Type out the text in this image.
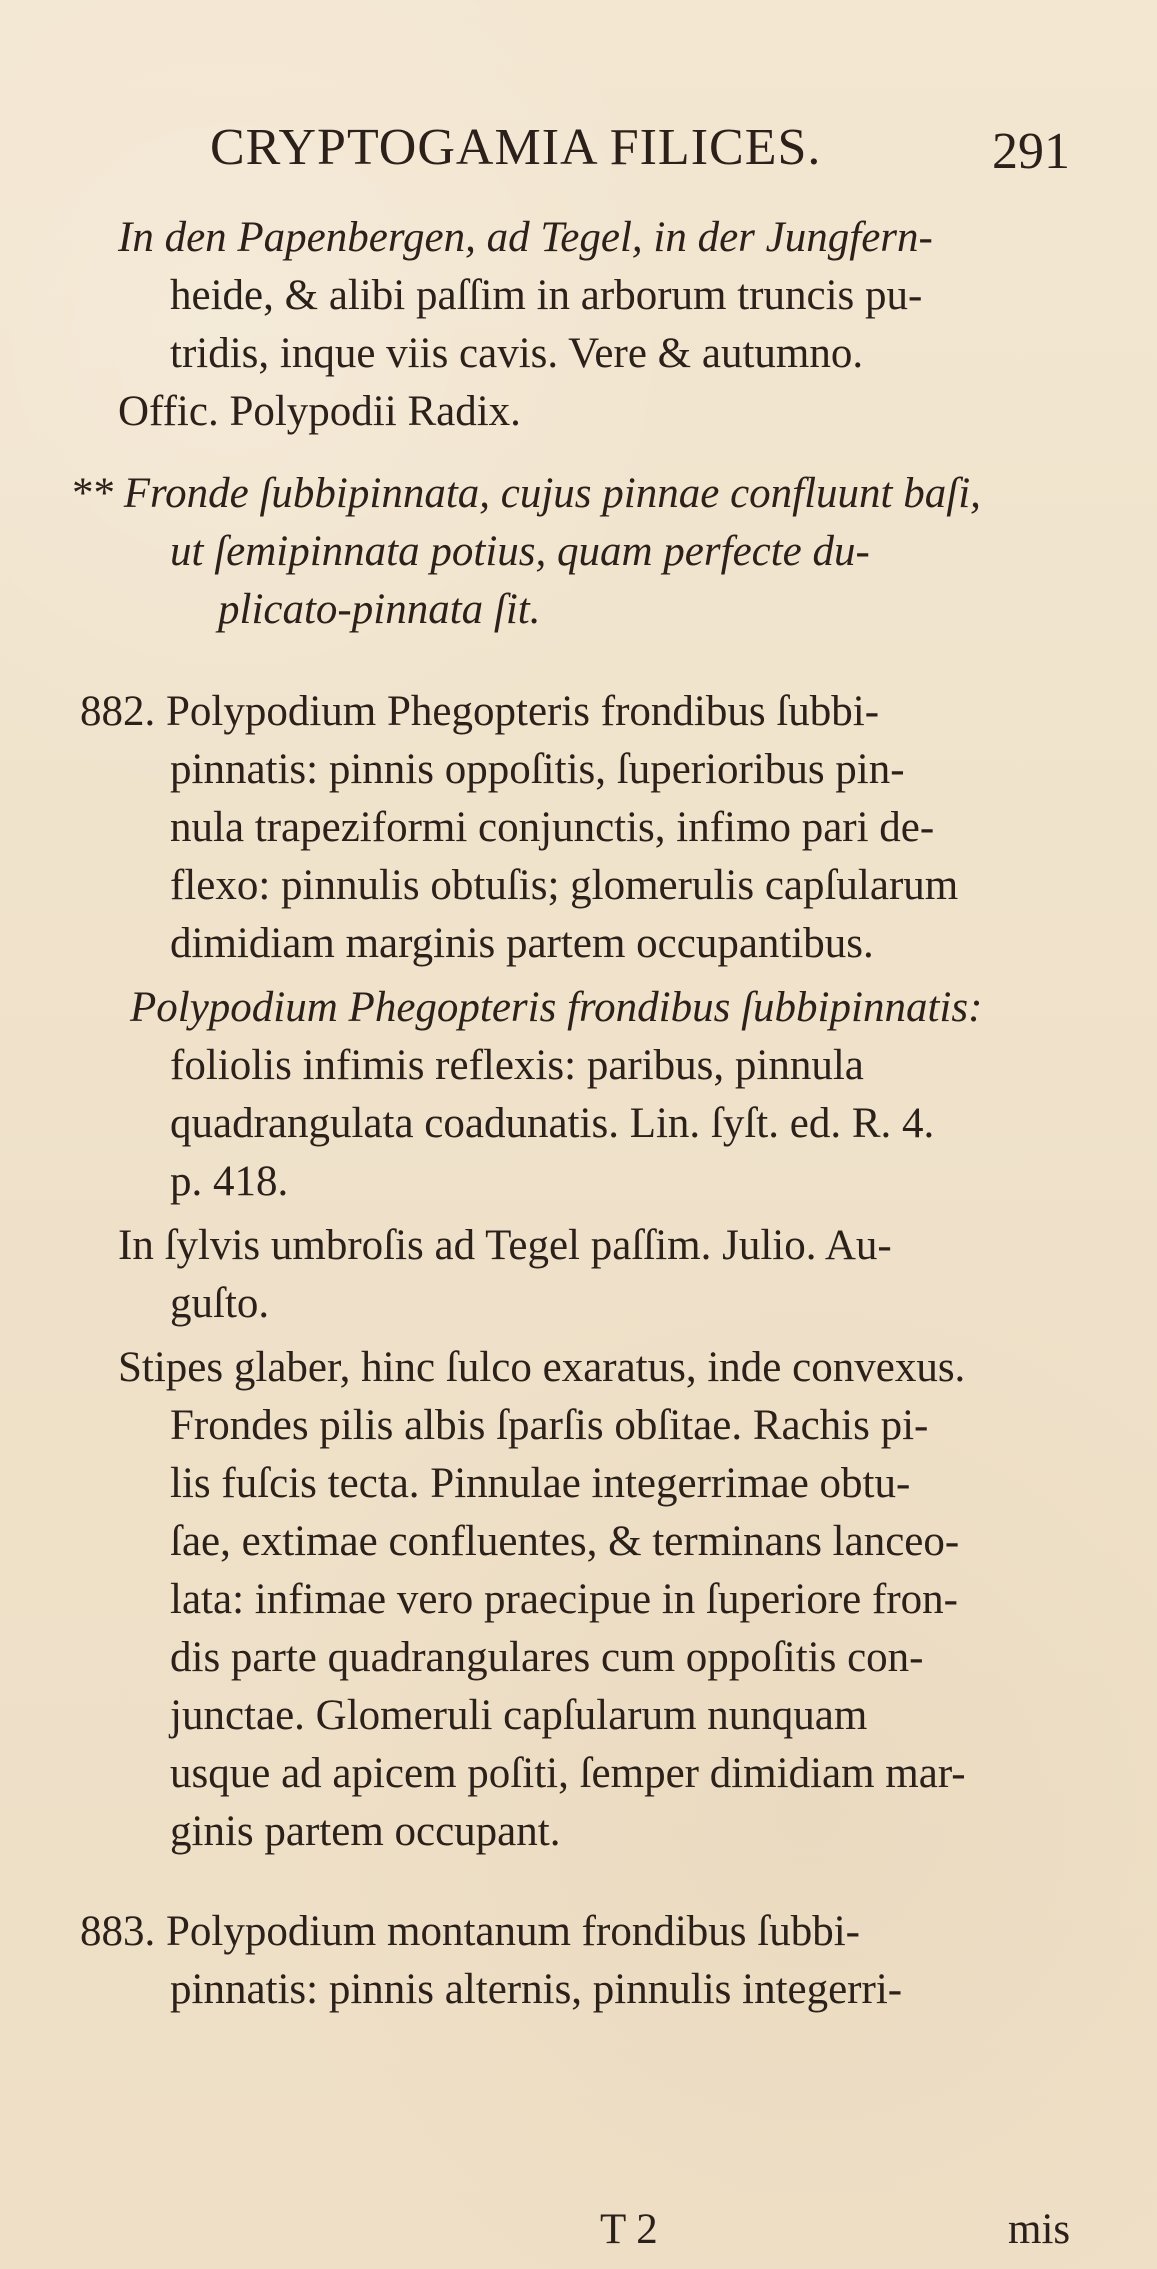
CRYPTOGAMIA FILICES.	291
In den Papenbergen, ad Tegel, in der Jungfern-
heide, & alibi paſſim in arborum truncis pu-
tridis, inque viis cavis. Vere & autumno.
Offic. Polypodii Radix.
** Fronde ſubbipinnata, cujus pinnae confluunt baſi,
ut ſemipinnata potius, quam perfecte du-
plicato-pinnata ſit.
882. Polypodium Phegopteris frondibus ſubbi-
pinnatis: pinnis oppoſitis, ſuperioribus pin-
nula trapeziformi conjunctis, infimo pari de-
flexo: pinnulis obtuſis; glomerulis capſularum
dimidiam marginis partem occupantibus.
Polypodium Phegopteris frondibus ſubbipinnatis:
foliolis infimis reflexis: paribus, pinnula
quadrangulata coadunatis. Lin. ſyſt. ed. R. 4.
p. 418.
In ſylvis umbroſis ad Tegel paſſim. Julio. Au-
guſto.
Stipes glaber, hinc ſulco exaratus, inde convexus.
Frondes pilis albis ſparſis obſitae. Rachis pi-
lis fuſcis tecta. Pinnulae integerrimae obtu-
ſae, extimae confluentes, & terminans lanceo-
lata: infimae vero praecipue in ſuperiore fron-
dis parte quadrangulares cum oppoſitis con-
junctae. Glomeruli capſularum nunquam
usque ad apicem poſiti, ſemper dimidiam mar-
ginis partem occupant.
883. Polypodium montanum frondibus ſubbi-
pinnatis: pinnis alternis, pinnulis integerri-
T 2	mis
